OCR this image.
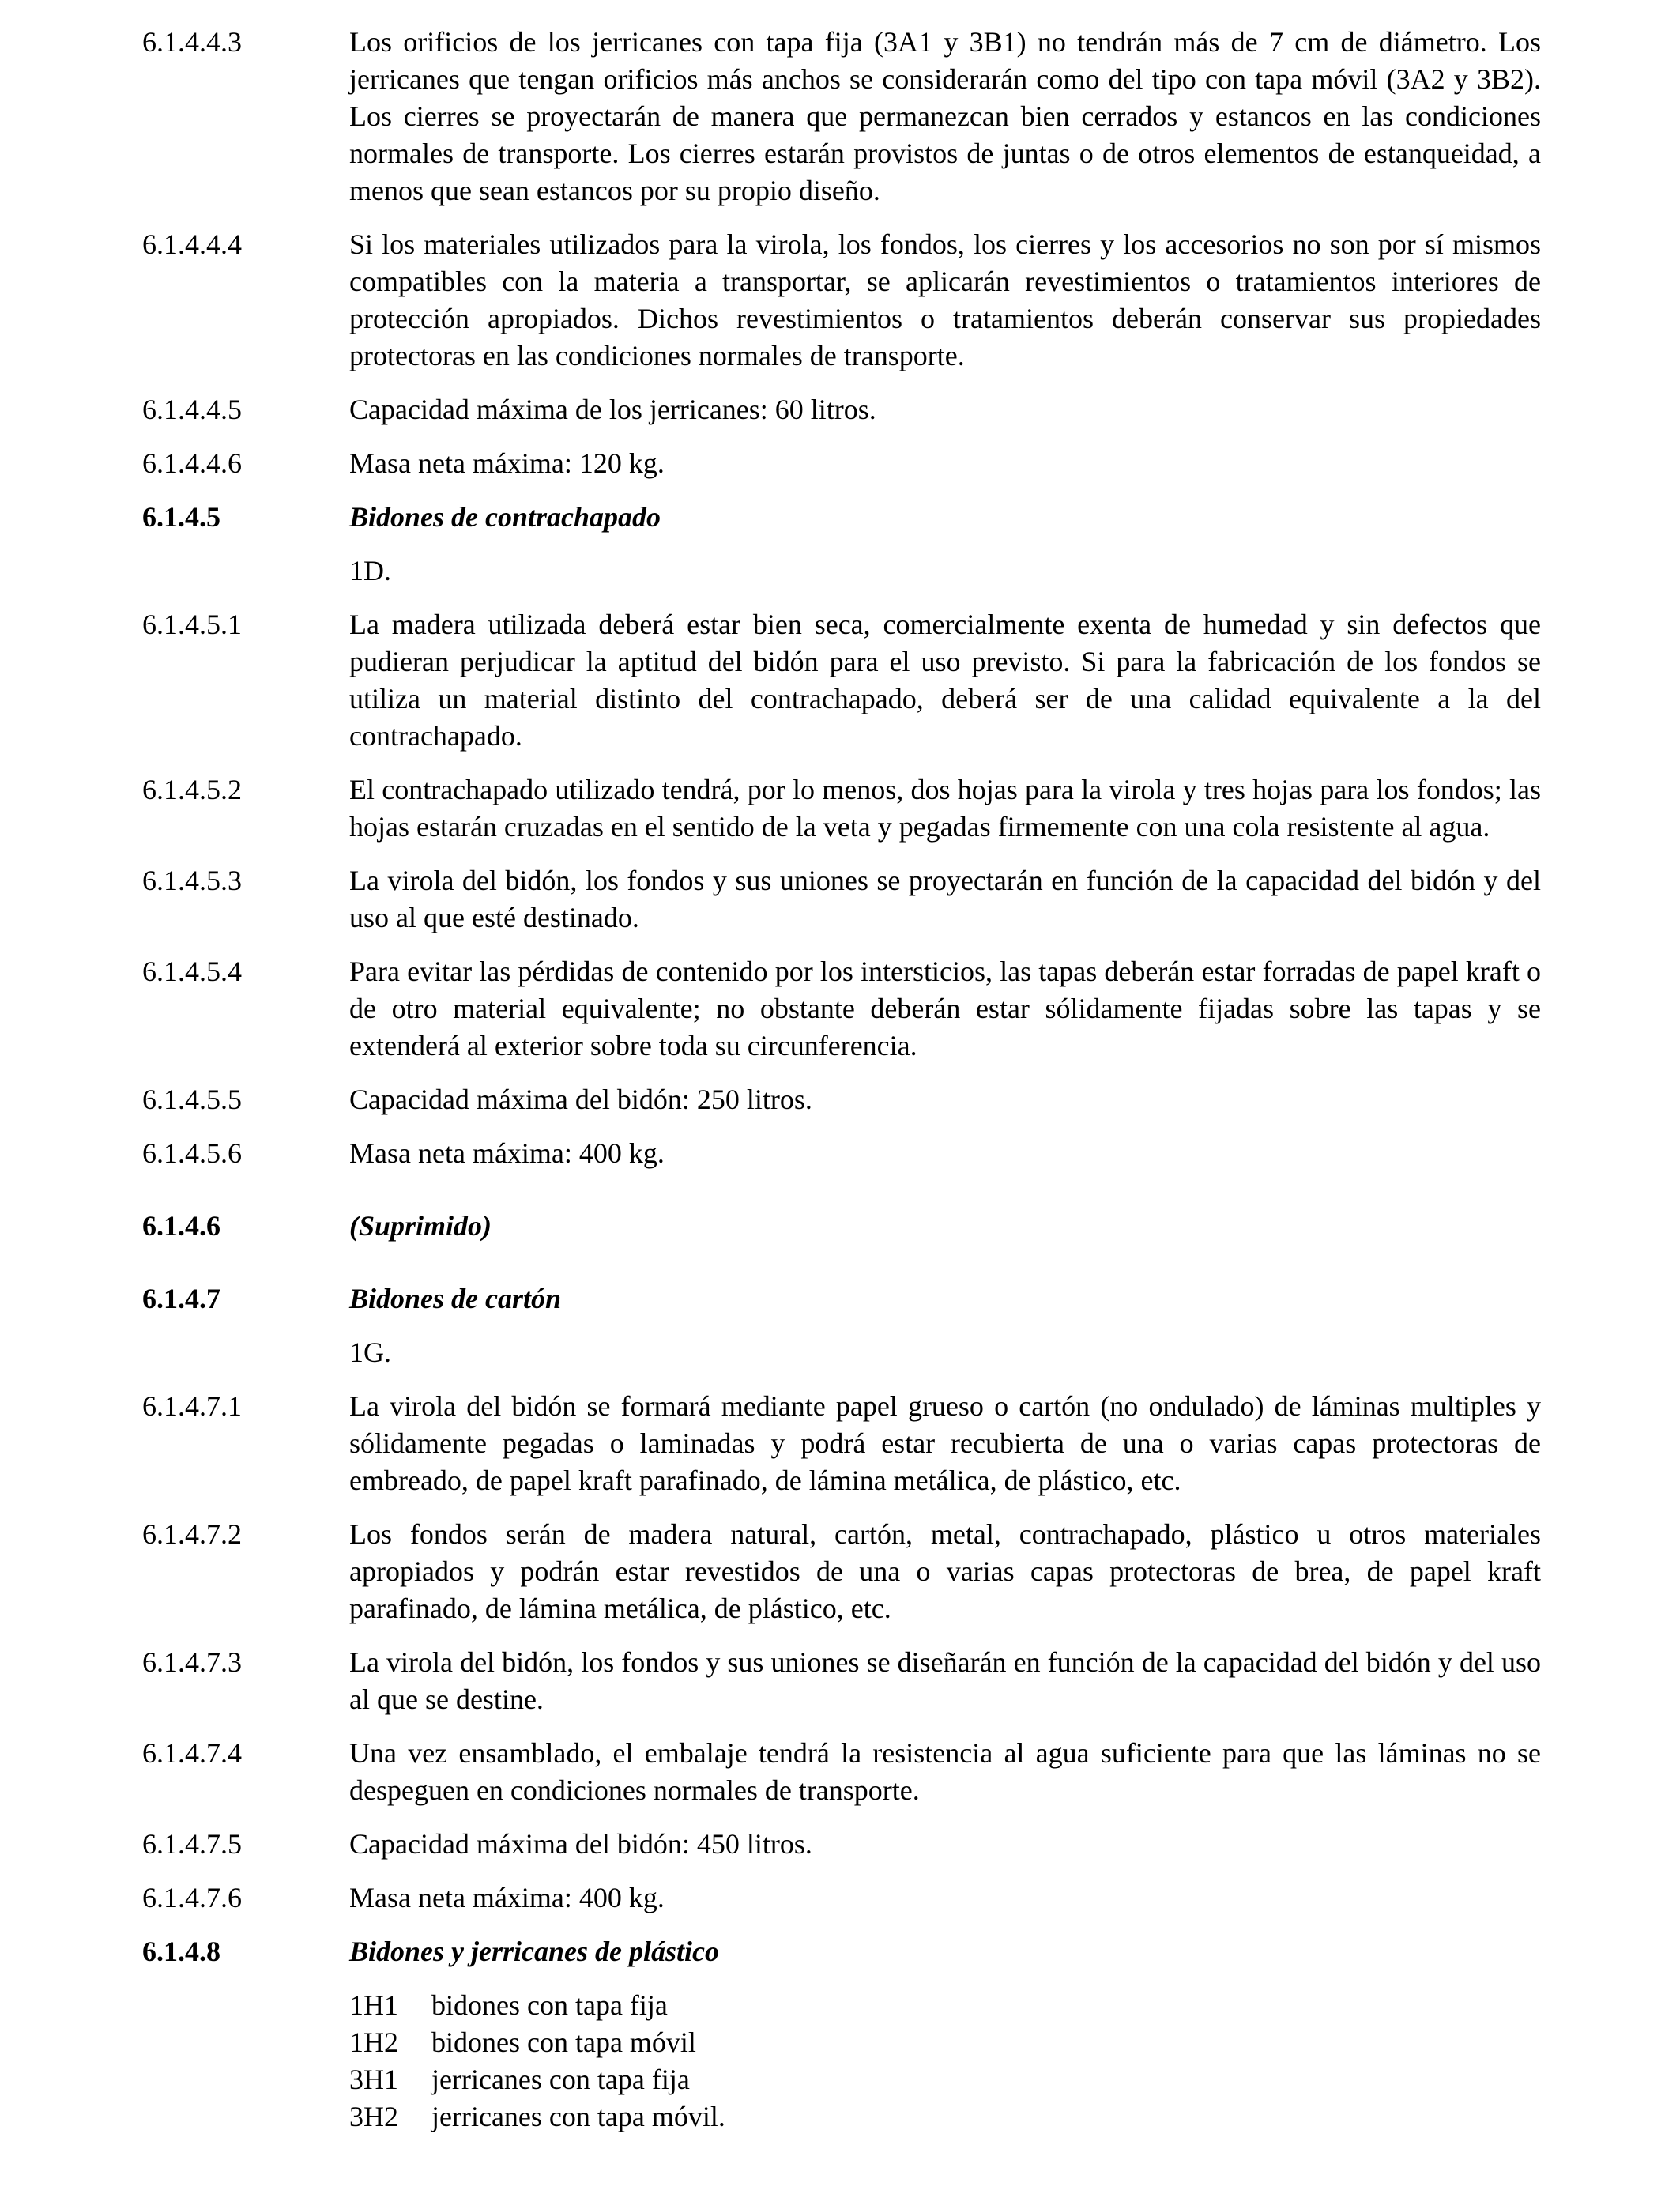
6.1.4.4.3	Los orificios de los jerricanes con tapa fija (3A1 y 3B1) no tendrán más de 7 cm de diámetro. Los jerricanes que tengan orificios más anchos se considerarán como del tipo con tapa móvil (3A2 y 3B2). Los cierres se proyectarán de manera que permanezcan bien cerrados y estancos en las condiciones normales de transporte. Los cierres estarán provistos de juntas o de otros elementos de estanqueidad, a menos que sean estancos por su propio diseño.
6.1.4.4.4	Si los materiales utilizados para la virola, los fondos, los cierres y los accesorios no son por sí mismos compatibles con la materia a transportar, se aplicarán revestimientos o tratamientos interiores de protección apropiados. Dichos revestimientos o tratamientos deberán conservar sus propiedades protectoras en las condiciones normales de transporte.
6.1.4.4.5	Capacidad máxima de los jerricanes: 60 litros.
6.1.4.4.6	Masa neta máxima: 120 kg.
6.1.4.5	Bidones de contrachapado
1D.
6.1.4.5.1	La madera utilizada deberá estar bien seca, comercialmente exenta de humedad y sin defectos que pudieran perjudicar la aptitud del bidón para el uso previsto. Si para la fabricación de los fondos se utiliza un material distinto del contrachapado, deberá ser de una calidad equivalente a la del contrachapado.
6.1.4.5.2	El contrachapado utilizado tendrá, por lo menos, dos hojas para la virola y tres hojas para los fondos; las hojas estarán cruzadas en el sentido de la veta y pegadas firmemente con una cola resistente al agua.
6.1.4.5.3	La virola del bidón, los fondos y sus uniones se proyectarán en función de la capacidad del bidón y del uso al que esté destinado.
6.1.4.5.4	Para evitar las pérdidas de contenido por los intersticios, las tapas deberán estar forradas de papel kraft o de otro material equivalente; no obstante deberán estar sólidamente fijadas sobre las tapas y se extenderá al exterior sobre toda su circunferencia.
6.1.4.5.5	Capacidad máxima del bidón: 250 litros.
6.1.4.5.6	Masa neta máxima: 400 kg.
6.1.4.6	(Suprimido)
6.1.4.7	Bidones de cartón
1G.
6.1.4.7.1	La virola del bidón se formará mediante papel grueso o cartón (no ondulado) de láminas multiples y sólidamente pegadas o laminadas y podrá estar recubierta de una o varias capas protectoras de embreado, de papel kraft parafinado, de lámina metálica, de plástico, etc.
6.1.4.7.2	Los fondos serán de madera natural, cartón, metal, contrachapado, plástico u otros materiales apropiados y podrán estar revestidos de una o varias capas protectoras de brea, de papel kraft parafinado, de lámina metálica, de plástico, etc.
6.1.4.7.3	La virola del bidón, los fondos y sus uniones se diseñarán en función de la capacidad del bidón y del uso al que se destine.
6.1.4.7.4	Una vez ensamblado, el embalaje tendrá la resistencia al agua suficiente para que las láminas no se despeguen en condiciones normales de transporte.
6.1.4.7.5	Capacidad máxima del bidón: 450 litros.
6.1.4.7.6	Masa neta máxima: 400 kg.
6.1.4.8	Bidones y jerricanes de plástico
1H1	bidones con tapa fija
1H2	bidones con tapa móvil
3H1	jerricanes con tapa fija
3H2	jerricanes con tapa móvil.
